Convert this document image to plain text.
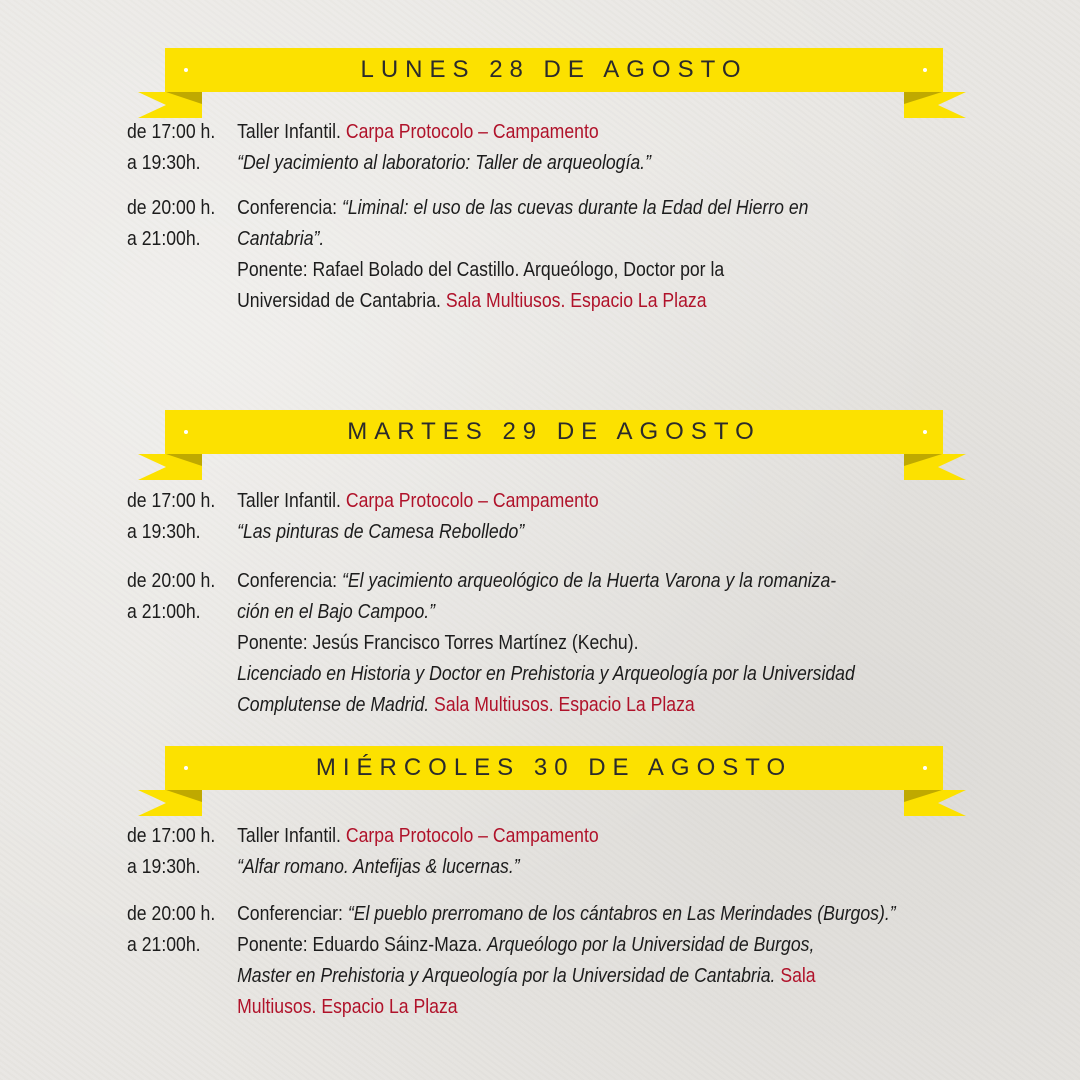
LUNES 28 DE AGOSTO
de 17:00 h.	Taller Infantil. Carpa Protocolo – Campamento
a 19:30h.	“Del yacimiento al laboratorio: Taller de arqueología.”
de 20:00 h.	Conferencia: “Liminal: el uso de las cuevas durante la Edad del Hierro en
a 21:00h.	Cantabria”.
Ponente: Rafael Bolado del Castillo. Arqueólogo, Doctor por la
Universidad de Cantabria. Sala Multiusos. Espacio La Plaza
MARTES 29 DE AGOSTO
de 17:00 h.	Taller Infantil. Carpa Protocolo – Campamento
a 19:30h.	“Las pinturas de Camesa Rebolledo”
de 20:00 h.	Conferencia: “El yacimiento arqueológico de la Huerta Varona y la romaniza-
a 21:00h.	ción en el Bajo Campoo.”
Ponente: Jesús Francisco Torres Martínez (Kechu).
Licenciado en Historia y Doctor en Prehistoria y Arqueología por la Universidad
Complutense de Madrid. Sala Multiusos. Espacio La Plaza
MIÉRCOLES 30 DE AGOSTO
de 17:00 h.	Taller Infantil. Carpa Protocolo – Campamento
a 19:30h.	“Alfar romano. Antefijas & lucernas.”
de 20:00 h.	Conferenciar: “El pueblo prerromano de los cántabros en Las Merindades (Burgos).”
a 21:00h.	Ponente: Eduardo Sáinz-Maza. Arqueólogo por la Universidad de Burgos,
Master en Prehistoria y Arqueología por la Universidad de Cantabria. Sala
Multiusos. Espacio La Plaza
